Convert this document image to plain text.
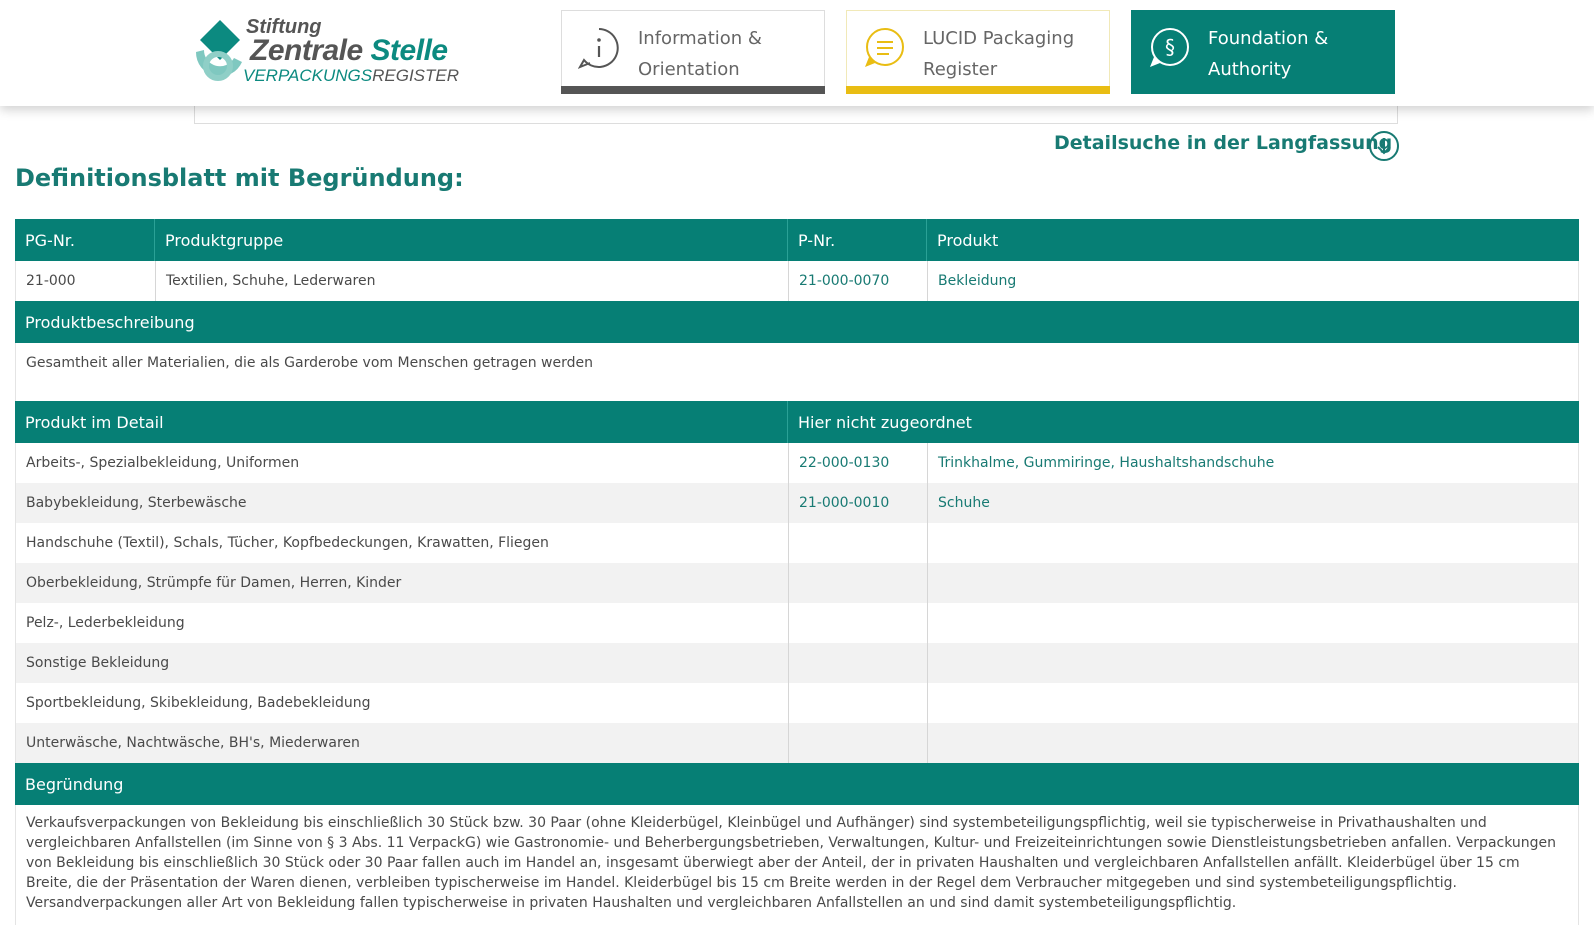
Stiftung
Zentrale Stelle
VERPACKUNGSREGISTER
Information & Orientation
LUCID Packaging Register
§ Foundation & Authority
Detailsuche in der Langfassung
Definitionsblatt mit Begründung:
PG-Nr.	Produktgruppe	P-Nr.	Produkt
21-000	Textilien, Schuhe, Lederwaren	21-000-0070	Bekleidung
Produktbeschreibung
Gesamtheit aller Materialien, die als Garderobe vom Menschen getragen werden
Produkt im Detail	Hier nicht zugeordnet
Arbeits-, Spezialbekleidung, Uniformen	22-000-0130	Trinkhalme, Gummiringe, Haushaltshandschuhe
Babybekleidung, Sterbewäsche	21-000-0010	Schuhe
Handschuhe (Textil), Schals, Tücher, Kopfbedeckungen, Krawatten, Fliegen
Oberbekleidung, Strümpfe für Damen, Herren, Kinder
Pelz-, Lederbekleidung
Sonstige Bekleidung
Sportbekleidung, Skibekleidung, Badebekleidung
Unterwäsche, Nachtwäsche, BH's, Miederwaren
Begründung
Verkaufsverpackungen von Bekleidung bis einschließlich 30 Stück bzw. 30 Paar (ohne Kleiderbügel, Kleinbügel und Aufhänger) sind systembeteiligungspflichtig, weil sie typischerweise in Privathaushalten und vergleichbaren Anfallstellen (im Sinne von § 3 Abs. 11 VerpackG) wie Gastronomie- und Beherbergungsbetrieben, Verwaltungen, Kultur- und Freizeiteinrichtungen sowie Dienstleistungsbetrieben anfallen. Verpackungen von Bekleidung bis einschließlich 30 Stück oder 30 Paar fallen auch im Handel an, insgesamt überwiegt aber der Anteil, der in privaten Haushalten und vergleichbaren Anfallstellen anfällt. Kleiderbügel über 15 cm Breite, die der Präsentation der Waren dienen, verbleiben typischerweise im Handel. Kleiderbügel bis 15 cm Breite werden in der Regel dem Verbraucher mitgegeben und sind systembeteiligungspflichtig. Versandverpackungen aller Art von Bekleidung fallen typischerweise in privaten Haushalten und vergleichbaren Anfallstellen an und sind damit systembeteiligungspflichtig.
